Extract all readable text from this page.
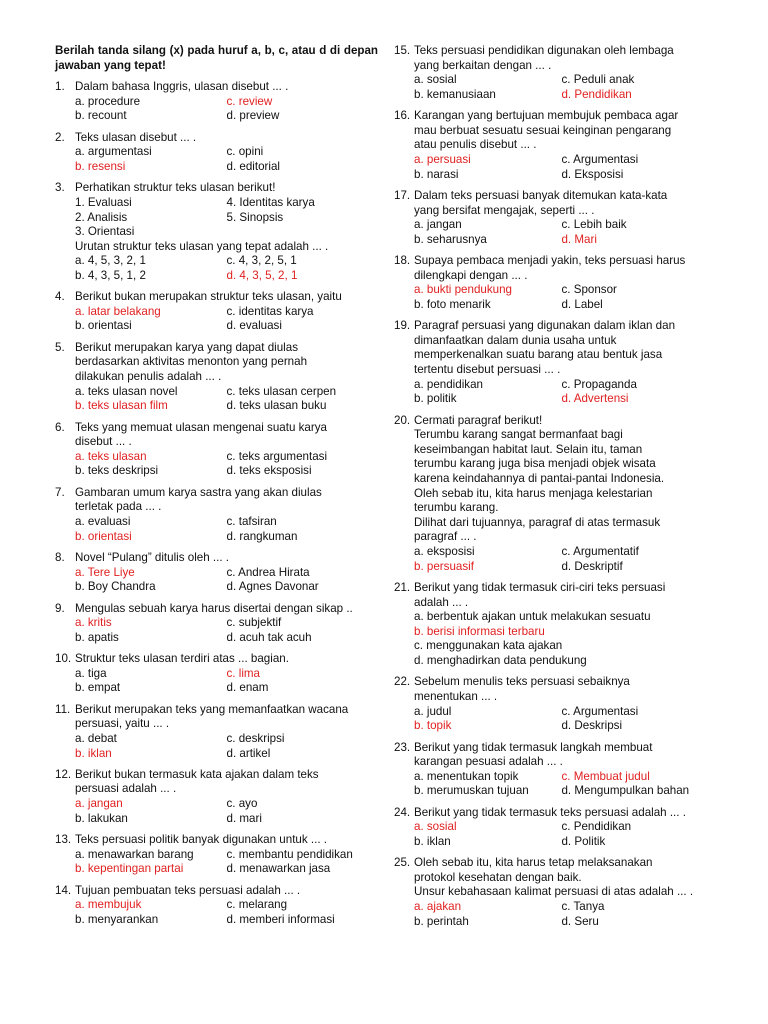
Berilah tanda silang (x) pada huruf a, b, c, atau d di depan jawaban yang tepat!
1. Dalam bahasa Inggris, ulasan disebut ... .
a. procedure	c. review
b. recount	d. preview
2. Teks ulasan disebut ... .
a. argumentasi	c. opini
b. resensi	d. editorial
3. Perhatikan struktur teks ulasan berikut!
1. Evaluasi	4. Identitas karya
2. Analisis	5. Sinopsis
3. Orientasi
Urutan struktur teks ulasan yang tepat adalah ... .
a. 4, 5, 3, 2, 1	c. 4, 3, 2, 5, 1
b. 4, 3, 5, 1, 2	d. 4, 3, 5, 2, 1
4. Berikut bukan merupakan struktur teks ulasan, yaitu
a. latar belakang	c. identitas karya
b. orientasi	d. evaluasi
5. Berikut merupakan karya yang dapat diulas
berdasarkan aktivitas menonton yang pernah
dilakukan penulis adalah ... .
a. teks ulasan novel	c. teks ulasan cerpen
b. teks ulasan film	d. teks ulasan buku
6. Teks yang memuat ulasan mengenai suatu karya
disebut ... .
a. teks ulasan	c. teks argumentasi
b. teks deskripsi	d. teks eksposisi
7. Gambaran umum karya sastra yang akan diulas
terletak pada ... .
a. evaluasi	c. tafsiran
b. orientasi	d. rangkuman
8. Novel “Pulang” ditulis oleh ... .
a. Tere Liye	c. Andrea Hirata
b. Boy Chandra	d. Agnes Davonar
9. Mengulas sebuah karya harus disertai dengan sikap ..
a. kritis	c. subjektif
b. apatis	d. acuh tak acuh
10. Struktur teks ulasan terdiri atas ... bagian.
a. tiga	c. lima
b. empat	d. enam
11. Berikut merupakan teks yang memanfaatkan wacana
persuasi, yaitu ... .
a. debat	c. deskripsi
b. iklan	d. artikel
12. Berikut bukan termasuk kata ajakan dalam teks
persuasi adalah ... .
a. jangan	c. ayo
b. lakukan	d. mari
13. Teks persuasi politik banyak digunakan untuk ... .
a. menawarkan barang	c. membantu pendidikan
b. kepentingan partai	d. menawarkan jasa
14. Tujuan pembuatan teks persuasi adalah ... .
a. membujuk	c. melarang
b. menyarankan	d. memberi informasi
15. Teks persuasi pendidikan digunakan oleh lembaga
yang berkaitan dengan ... .
a. sosial	c. Peduli anak
b. kemanusiaan	d. Pendidikan
16. Karangan yang bertujuan membujuk pembaca agar
mau berbuat sesuatu sesuai keinginan pengarang
atau penulis disebut ... .
a. persuasi	c. Argumentasi
b. narasi	d. Eksposisi
17. Dalam teks persuasi banyak ditemukan kata-kata
yang bersifat mengajak, seperti ... .
a. jangan	c. Lebih baik
b. seharusnya	d. Mari
18. Supaya pembaca menjadi yakin, teks persuasi harus
dilengkapi dengan ... .
a. bukti pendukung	c. Sponsor
b. foto menarik	d. Label
19. Paragraf persuasi yang digunakan dalam iklan dan
dimanfaatkan dalam dunia usaha untuk
memperkenalkan suatu barang atau bentuk jasa
tertentu disebut persuasi ... .
a. pendidikan	c. Propaganda
b. politik	d. Advertensi
20. Cermati paragraf berikut!
Terumbu karang sangat bermanfaat bagi
keseimbangan habitat laut. Selain itu, taman
terumbu karang juga bisa menjadi objek wisata
karena keindahannya di pantai-pantai Indonesia.
Oleh sebab itu, kita harus menjaga kelestarian
terumbu karang.
Dilihat dari tujuannya, paragraf di atas termasuk
paragraf ... .
a. eksposisi	c. Argumentatif
b. persuasif	d. Deskriptif
21. Berikut yang tidak termasuk ciri-ciri teks persuasi
adalah ... .
a. berbentuk ajakan untuk melakukan sesuatu
b. berisi informasi terbaru
c. menggunakan kata ajakan
d. menghadirkan data pendukung
22. Sebelum menulis teks persuasi sebaiknya
menentukan ... .
a. judul	c. Argumentasi
b. topik	d. Deskripsi
23. Berikut yang tidak termasuk langkah membuat
karangan pesuasi adalah ... .
a. menentukan topik	c. Membuat judul
b. merumuskan tujuan	d. Mengumpulkan bahan
24. Berikut yang tidak termasuk teks persuasi adalah ... .
a. sosial	c. Pendidikan
b. iklan	d. Politik
25. Oleh sebab itu, kita harus tetap melaksanakan
protokol kesehatan dengan baik.
Unsur kebahasaan kalimat persuasi di atas adalah ... .
a. ajakan	c. Tanya
b. perintah	d. Seru
